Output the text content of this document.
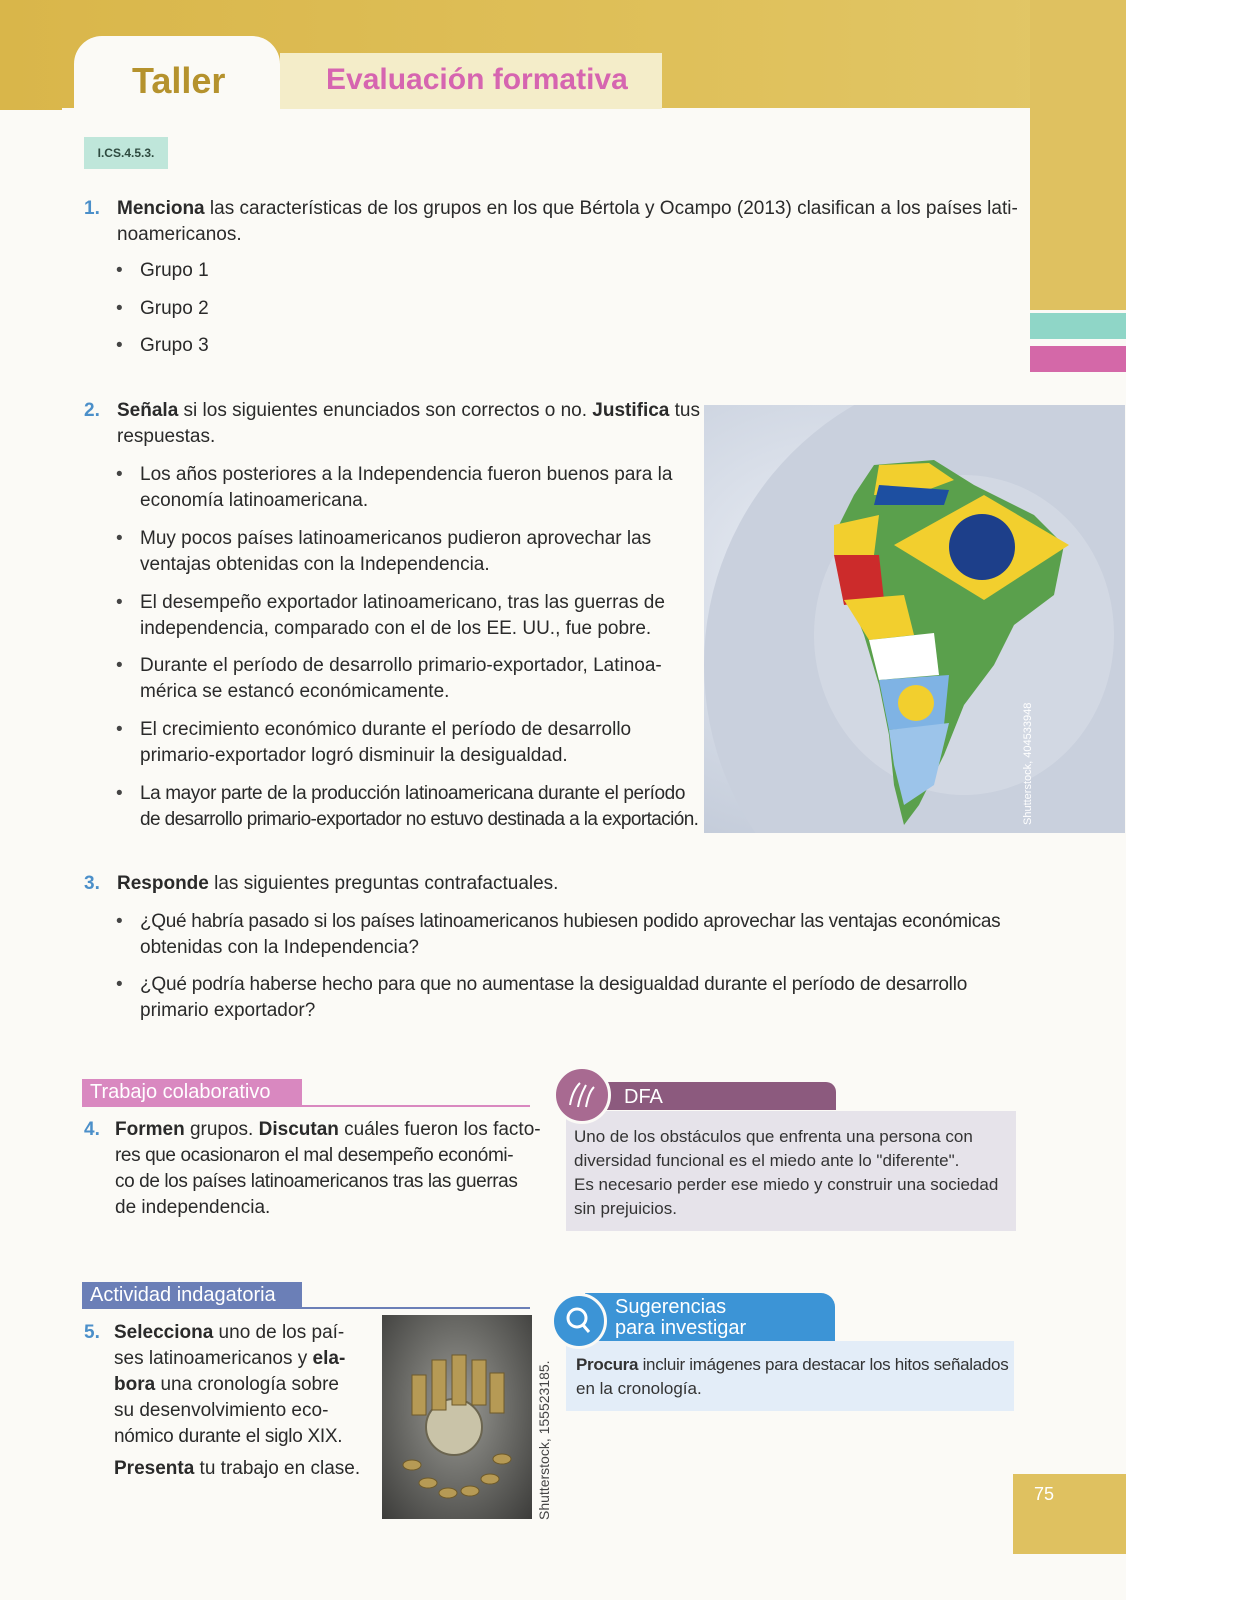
Taller	Evaluación formativa
I.CS.4.5.3.
1. Menciona las características de los grupos en los que Bértola y Ocampo (2013) clasifican a los países lati-
noamericanos.
• Grupo 1
• Grupo 2
• Grupo 3
2. Señala si los siguientes enunciados son correctos o no. Justifica tus
respuestas.
• Los años posteriores a la Independencia fueron buenos para la
economía latinoamericana.
• Muy pocos países latinoamericanos pudieron aprovechar las
ventajas obtenidas con la Independencia.
• El desempeño exportador latinoamericano, tras las guerras de
independencia, comparado con el de los EE. UU., fue pobre.
• Durante el período de desarrollo primario-exportador, Latinoa-
mérica se estancó económicamente.
• El crecimiento económico durante el período de desarrollo
primario-exportador logró disminuir la desigualdad.
• La mayor parte de la producción latinoamericana durante el período
de desarrollo primario-exportador no estuvo destinada a la exportación.	Shutterstock, 404533948
3. Responde las siguientes preguntas contrafactuales.
• ¿Qué habría pasado si los países latinoamericanos hubiesen podido aprovechar las ventajas económicas
obtenidas con la Independencia?
• ¿Qué podría haberse hecho para que no aumentase la desigualdad durante el período de desarrollo
primario exportador?
Trabajo colaborativo
4. Formen grupos. Discutan cuáles fueron los facto-
res que ocasionaron el mal desempeño económi-
co de los países latinoamericanos tras las guerras
de independencia.
Uno de los obstáculos que enfrenta una persona con
diversidad funcional es el miedo ante lo "diferente".
Es necesario perder ese miedo y construir una sociedad
sin prejuicios.
DFA
Actividad indagatoria
5. Selecciona uno de los paí-
ses latinoamericanos y ela-
bora una cronología sobre
su desenvolvimiento eco-
nómico durante el siglo XIX.
Presenta tu trabajo en clase.	Shutterstock, 155523185. Procura incluir imágenes para destacar los hitos señalados
en la cronología.
Sugerencias
para investigar
75
